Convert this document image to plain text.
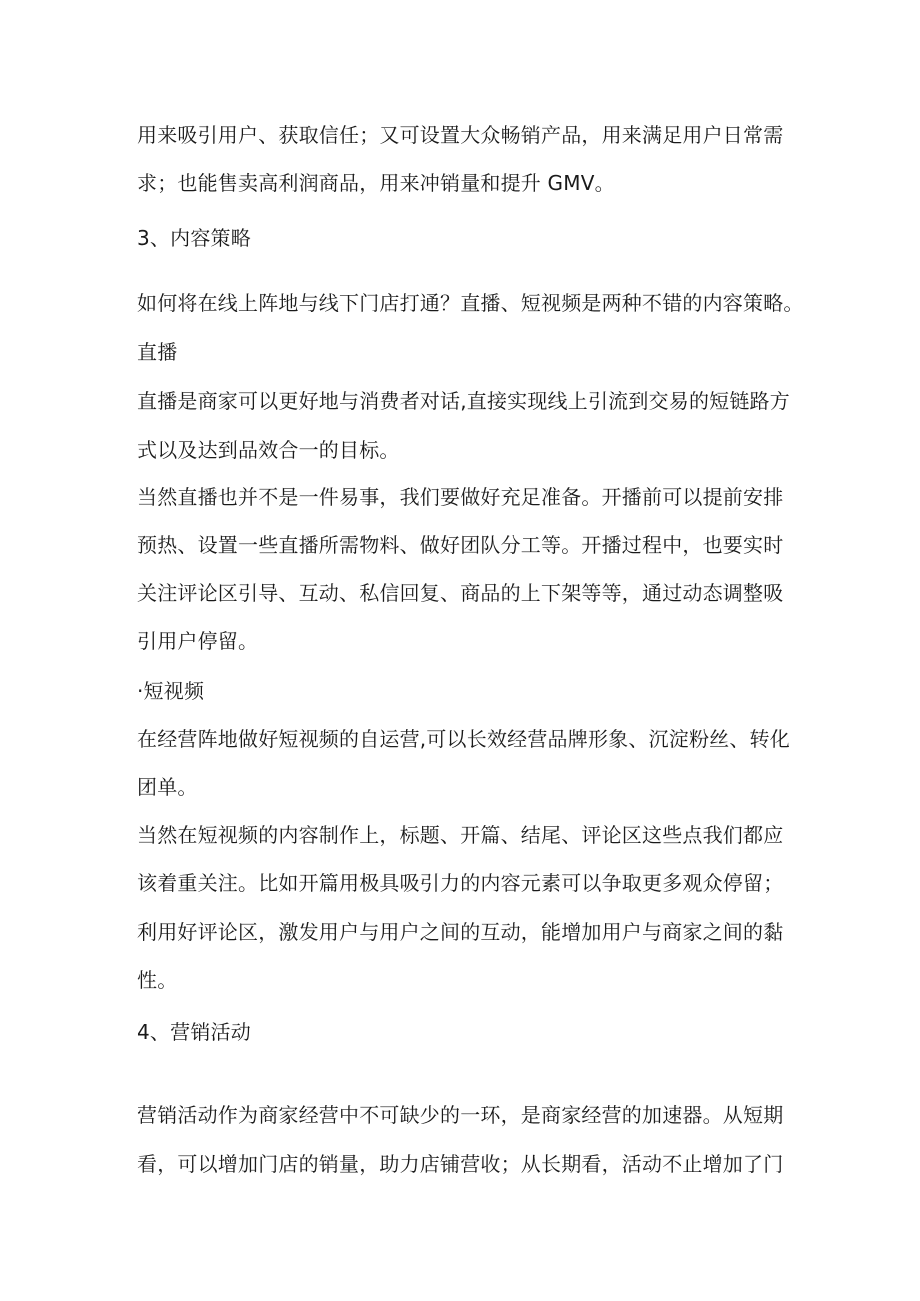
用来吸引用户、获取信任；又可设置大众畅销产品，用来满足用户日常需
求；也能售卖高利润商品，用来冲销量和提升 GMV。
3、内容策略
如何将在线上阵地与线下门店打通？直播、短视频是两种不错的内容策略。
直播
直播是商家可以更好地与消费者对话,直接实现线上引流到交易的短链路方
式以及达到品效合一的目标。
当然直播也并不是一件易事，我们要做好充足准备。开播前可以提前安排
预热、设置一些直播所需物料、做好团队分工等。开播过程中，也要实时
关注评论区引导、互动、私信回复、商品的上下架等等，通过动态调整吸
引用户停留。
·短视频
在经营阵地做好短视频的自运营,可以长效经营品牌形象、沉淀粉丝、转化
团单。
当然在短视频的内容制作上，标题、开篇、结尾、评论区这些点我们都应
该着重关注。比如开篇用极具吸引力的内容元素可以争取更多观众停留；
利用好评论区，激发用户与用户之间的互动，能增加用户与商家之间的黏
性。
4、营销活动
营销活动作为商家经营中不可缺少的一环，是商家经营的加速器。从短期
看，可以增加门店的销量，助力店铺营收；从长期看，活动不止增加了门
